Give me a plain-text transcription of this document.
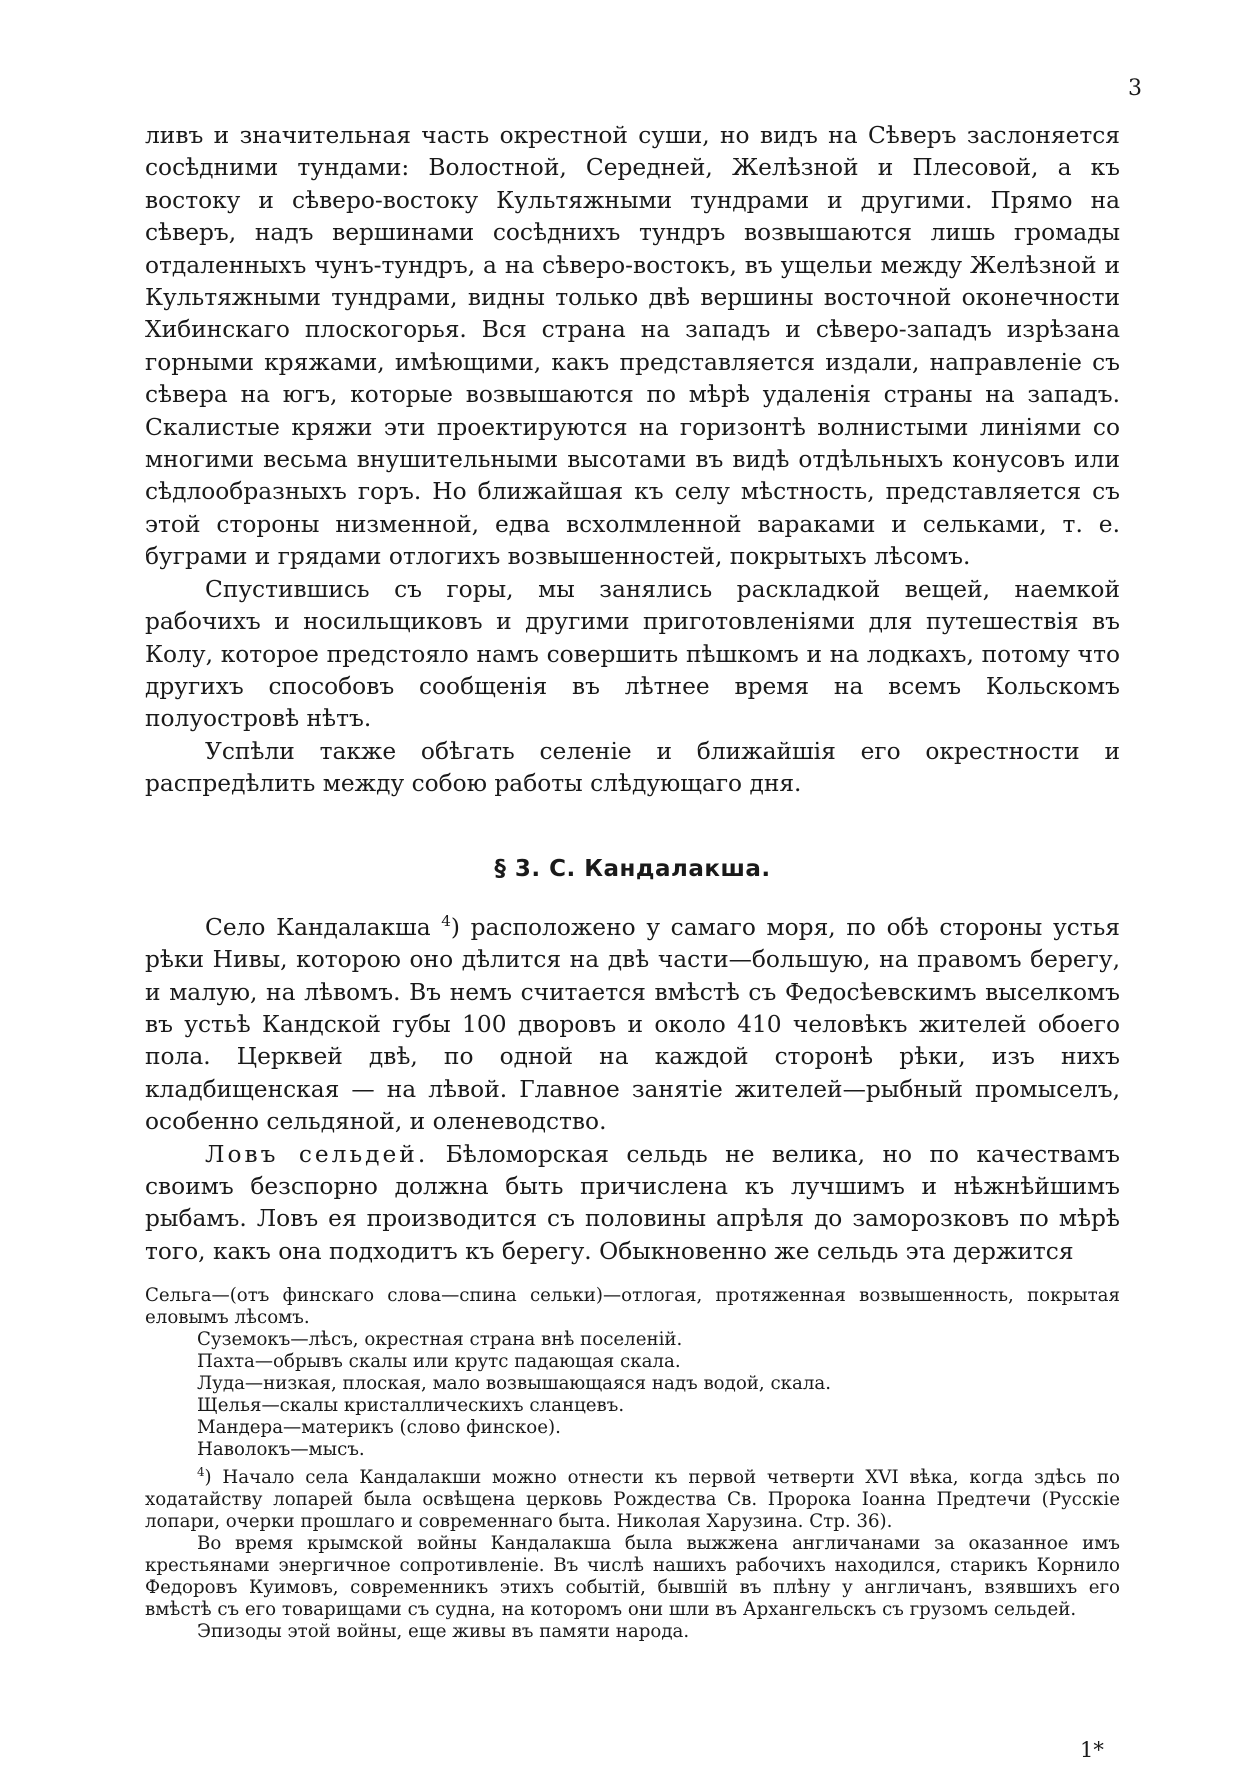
3

ливъ и значительная часть окрестной суши, но видъ на Сѣверъ заслоняется сосѣдними тундами: Волостной, Середней, Желѣзной и Плесовой, а къ востоку и сѣверо-востоку Культяжными тундрами и другими. Прямо на сѣверъ, надъ вершинами сосѣднихъ тундръ возвышаются лишь громады отдаленныхъ чунъ-тундръ, а на сѣверо-востокъ, въ ущельи между Желѣзной и Культяжными тундрами, видны только двѣ вершины восточной оконечности Хибинскаго плоскогорья. Вся страна на западъ и сѣверо-западъ изрѣзана горными кряжами, имѣющими, какъ представляется издали, направленіе съ сѣвера на югъ, которые возвышаются по мѣрѣ удаленія страны на западъ. Скалистые кряжи эти проектируются на горизонтѣ волнистыми линіями со многими весьма внушительными высотами въ видѣ отдѣльныхъ конусовъ или сѣдлообразныхъ горъ. Но ближайшая къ селу мѣстность, представляется съ этой стороны низменной, едва всхолмленной вараками и сельками, т. е. буграми и грядами отлогихъ возвышенностей, покрытыхъ лѣсомъ.

Спустившись съ горы, мы занялись раскладкой вещей, наемкой рабочихъ и носильщиковъ и другими приготовленіями для путешествія въ Колу, которое предстояло намъ совершить пѣшкомъ и на лодкахъ, потому что другихъ способовъ сообщенія въ лѣтнее время на всемъ Кольскомъ полуостровѣ нѣтъ.

Успѣли также обѣгать селеніе и ближайшія его окрестности и распредѣлить между собою работы слѣдующаго дня.

§ 3. С. Кандалакша.

Село Кандалакша $^4$) расположено у самаго моря, по обѣ стороны устья рѣки Нивы, которою оно дѣлится на двѣ части—большую, на правомъ берегу, и малую, на лѣвомъ. Въ немъ считается вмѣстѣ съ Федосѣевскимъ выселкомъ въ устьѣ Кандской губы 100 дворовъ и около 410 человѣкъ жителей обоего пола. Церквей двѣ, по одной на каждой сторонѣ рѣки, изъ нихъ кладбищенская — на лѣвой. Главное занятіе жителей—рыбный промыселъ, особенно сельдяной, и оленеводство.

Ловъ сельдей. Бѣломорская сельдь не велика, но по качествамъ своимъ безспорно должна быть причислена къ лучшимъ и нѣжнѣйшимъ рыбамъ. Ловъ ея производится съ половины апрѣля до заморозковъ по мѣрѣ того, какъ она подходитъ къ берегу. Обыкновенно же сельдь эта держится

Сельга—(отъ финскаго слова—спина сельки)—отлогая, протяженная возвышенность, покрытая еловымъ лѣсомъ.

Суземокъ—лѣсъ, окрестная страна внѣ поселеній.

Пахта—обрывъ скалы или крутс падающая скала.

Луда—низкая, плоская, мало возвышающаяся надъ водой, скала.

Щелья—скалы кристаллическихъ сланцевъ.

Мандера—материкъ (слово финское).

Наволокъ—мысъ.

$^4$) Начало села Кандалакши можно отнести къ первой четверти XVI вѣка, когда здѣсь по ходатайству лопарей была освѣщена церковь Рождества Св. Пророка Іоанна Предтечи (Русскіе лопари, очерки прошлаго и современнаго быта. Николая Харузина. Стр. 36).

Во время крымской войны Кандалакша была выжжена англичанами за оказанное имъ крестьянами энергичное сопротивленіе. Въ числѣ нашихъ рабочихъ находился, старикъ Корнило Федоровъ Куимовъ, современникъ этихъ событій, бывшій въ плѣну у англичанъ, взявшихъ его вмѣстѣ съ его товарищами съ судна, на которомъ они шли въ Архангельскъ съ грузомъ сельдей.

Эпизоды этой войны, еще живы въ памяти народа.

1*
